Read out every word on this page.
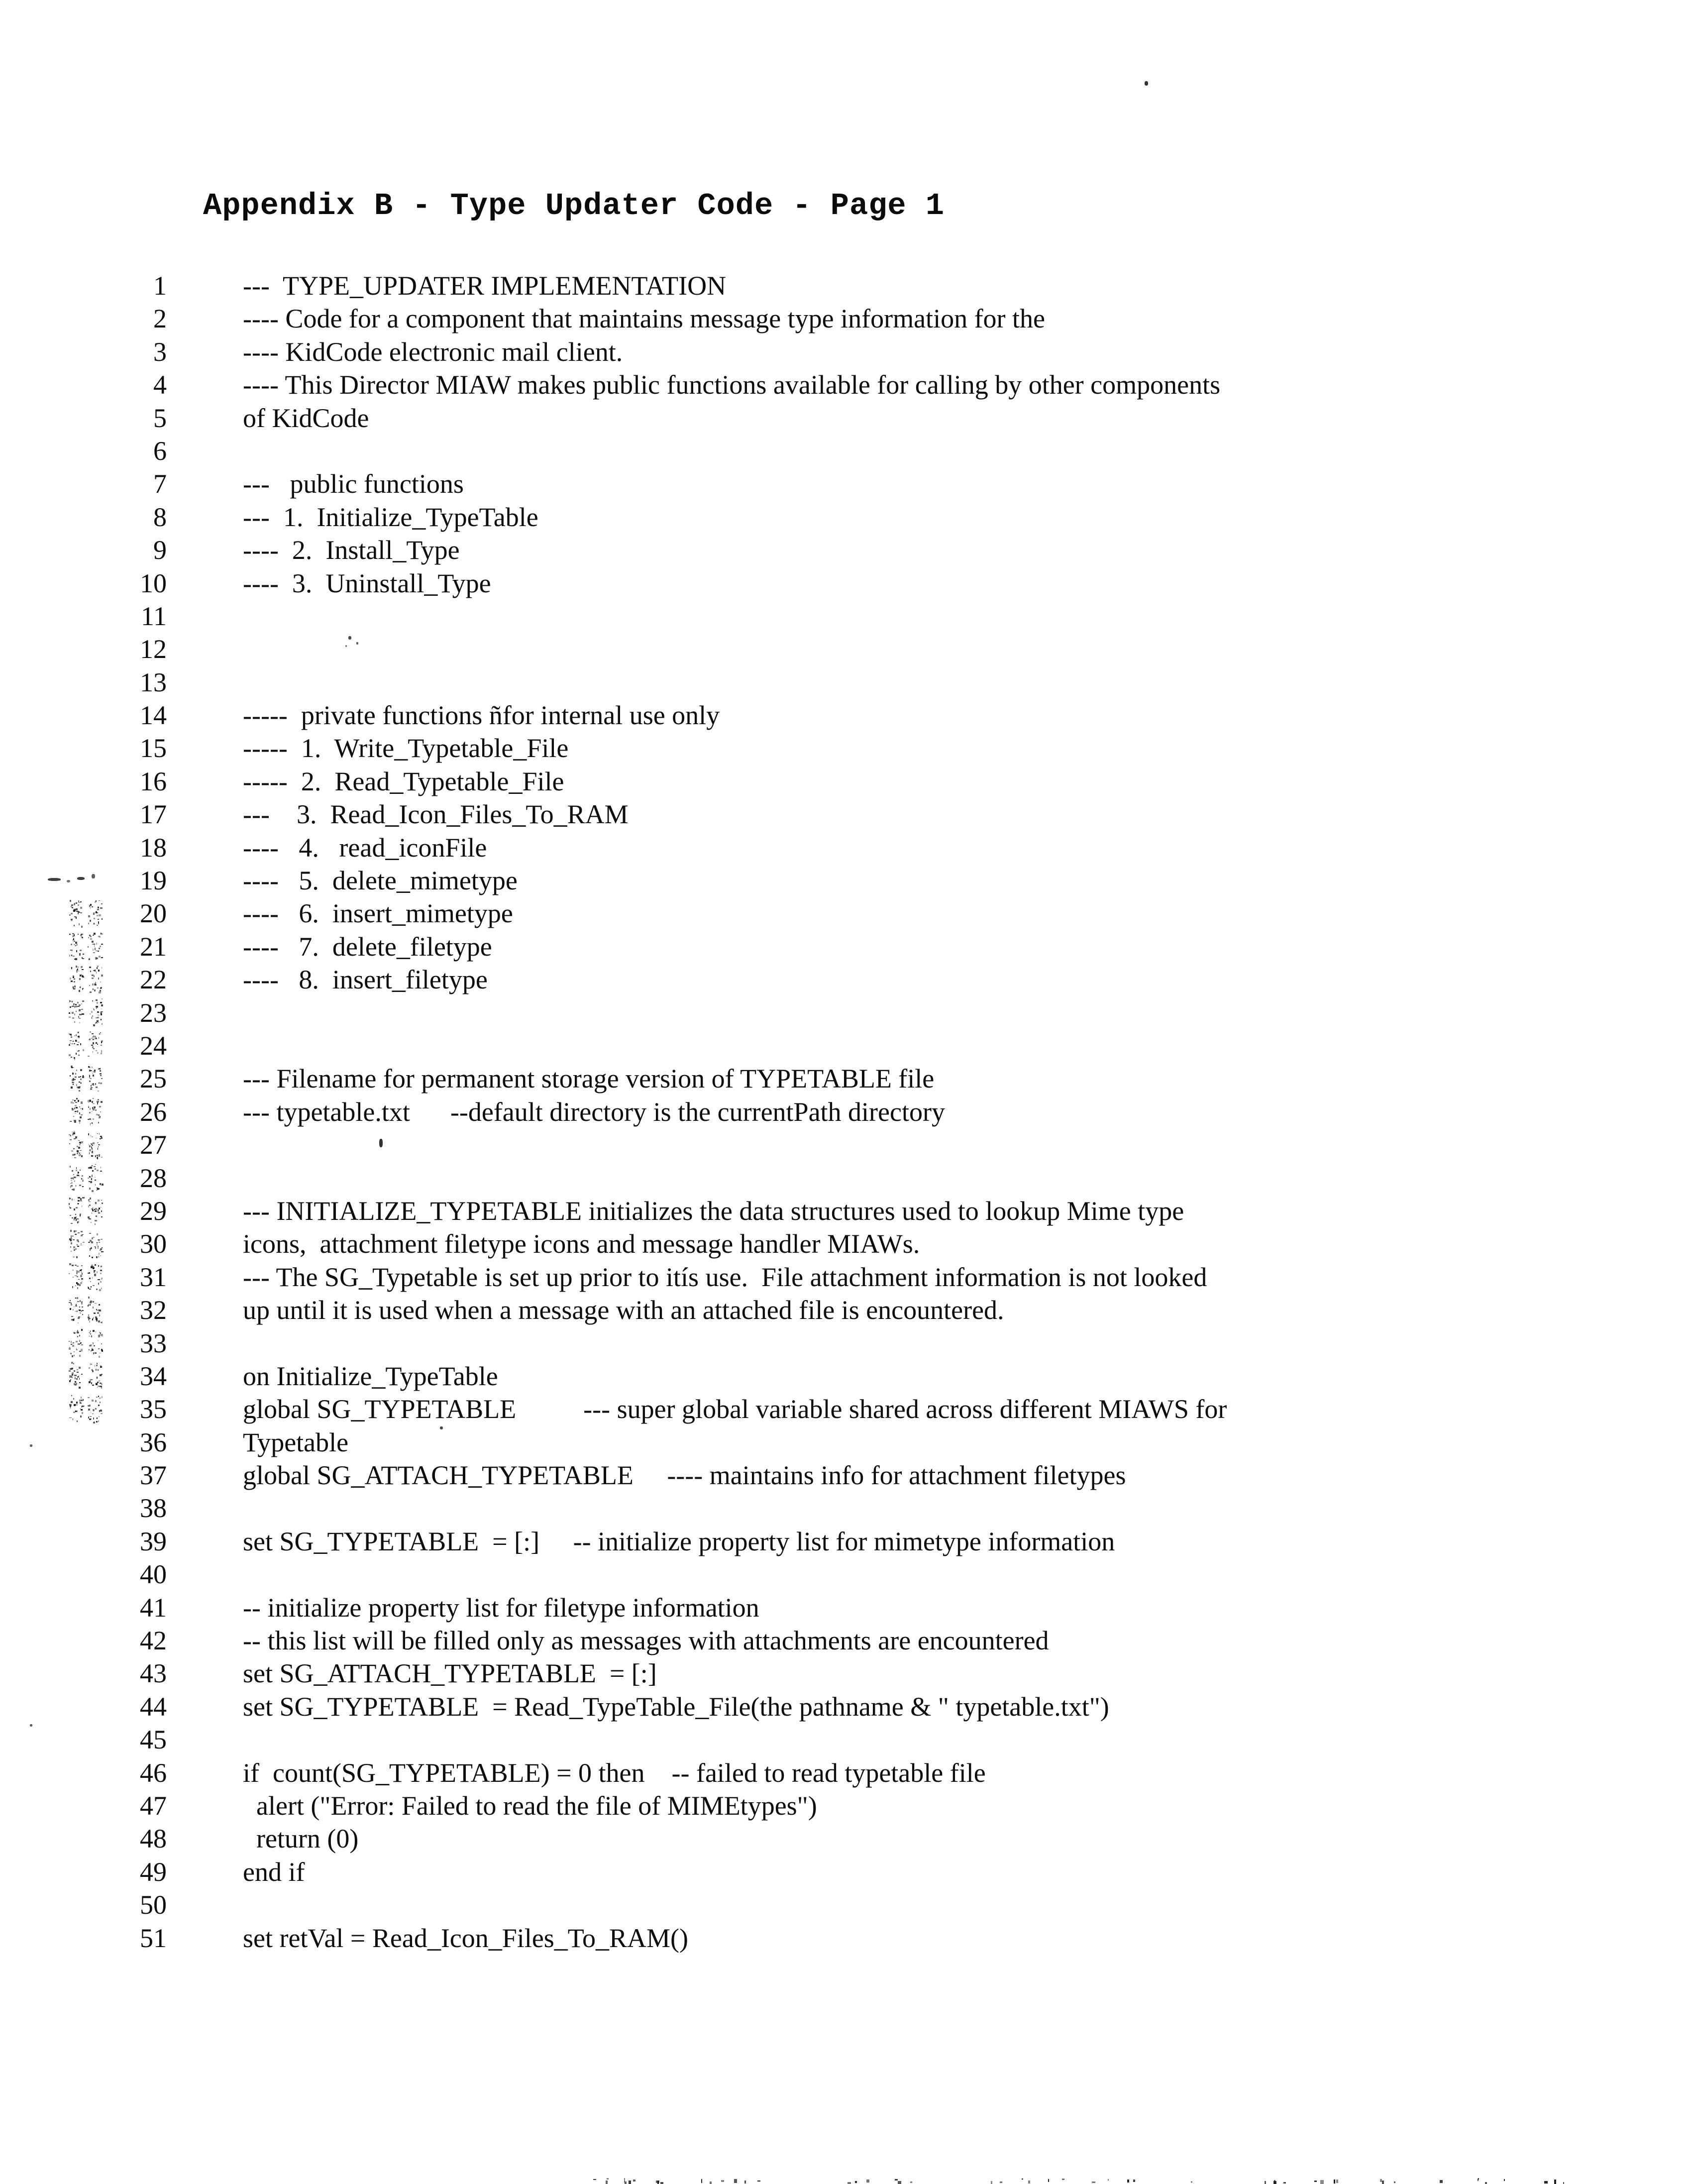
Appendix B - Type Updater Code - Page 1
1	---  TYPE_UPDATER IMPLEMENTATION
2	---- Code for a component that maintains message type information for the
3	---- KidCode electronic mail client.
4	---- This Director MIAW makes public functions available for calling by other components
5	of KidCode
6
7	---   public functions
8	---  1.  Initialize_TypeTable
9	----  2.  Install_Type
10	----  3.  Uninstall_Type
11
12
13
14	-----  private functions ñfor internal use only
15	-----  1.  Write_Typetable_File
16	-----  2.  Read_Typetable_File
17	---    3.  Read_Icon_Files_To_RAM
18	----   4.   read_iconFile
19	----   5.  delete_mimetype
20	----   6.  insert_mimetype
21	----   7.  delete_filetype
22	----   8.  insert_filetype
23
24
25	--- Filename for permanent storage version of TYPETABLE file
26	--- typetable.txt      --default directory is the currentPath directory
27
28
29	--- INITIALIZE_TYPETABLE initializes the data structures used to lookup Mime type
30	icons,  attachment filetype icons and message handler MIAWs.
31	--- The SG_Typetable is set up prior to itís use.  File attachment information is not looked
32	up until it is used when a message with an attached file is encountered.
33
34	on Initialize_TypeTable
35	global SG_TYPETABLE          --- super global variable shared across different MIAWS for
36	Typetable
37	global SG_ATTACH_TYPETABLE     ---- maintains info for attachment filetypes
38
39	set SG_TYPETABLE  = [:]     -- initialize property list for mimetype information
40
41	-- initialize property list for filetype information
42	-- this list will be filled only as messages with attachments are encountered
43	set SG_ATTACH_TYPETABLE  = [:]
44	set SG_TYPETABLE  = Read_TypeTable_File(the pathname & " typetable.txt")
45
46	if  count(SG_TYPETABLE) = 0 then    -- failed to read typetable file
47	alert ("Error: Failed to read the file of MIMEtypes")
48	return (0)
49	end if
50
51	set retVal = Read_Icon_Files_To_RAM()
